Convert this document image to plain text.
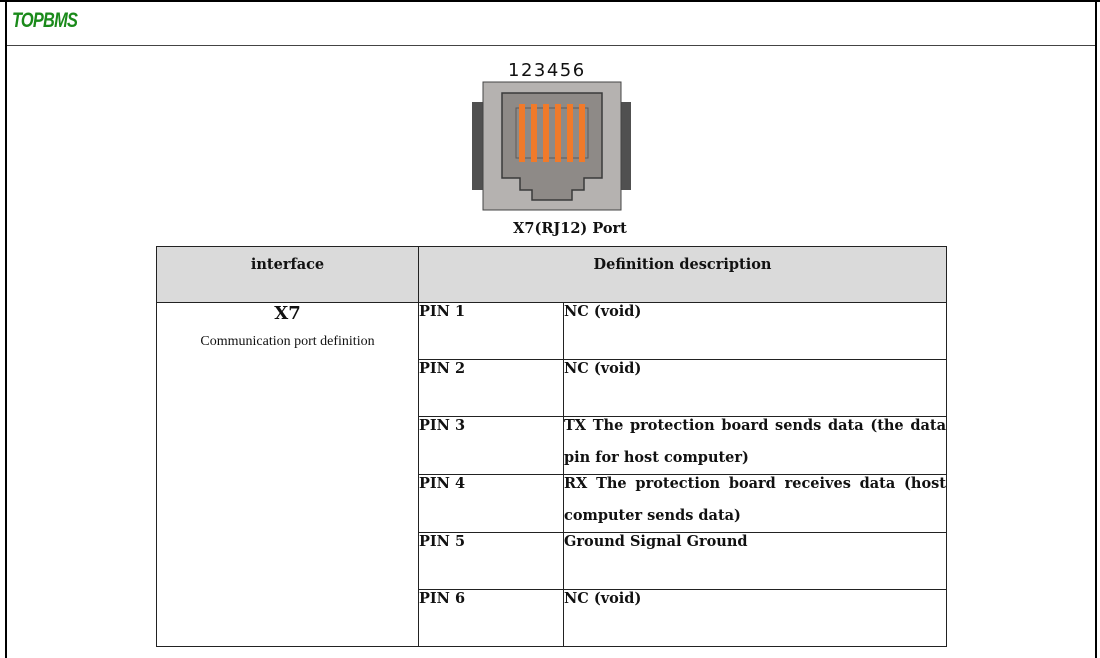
TOPBMS
123456
X7(RJ12) Port
interface	Definition description	

X7
Communication port definition	PIN 1	NC (void)

	PIN 2	NC (void)

	PIN 3	TX The protection board sends data (the data pin for host computer)

	PIN 4	RX The protection board receives data (host computer sends data)

	PIN 5	Ground Signal Ground

	PIN 6	NC (void)
